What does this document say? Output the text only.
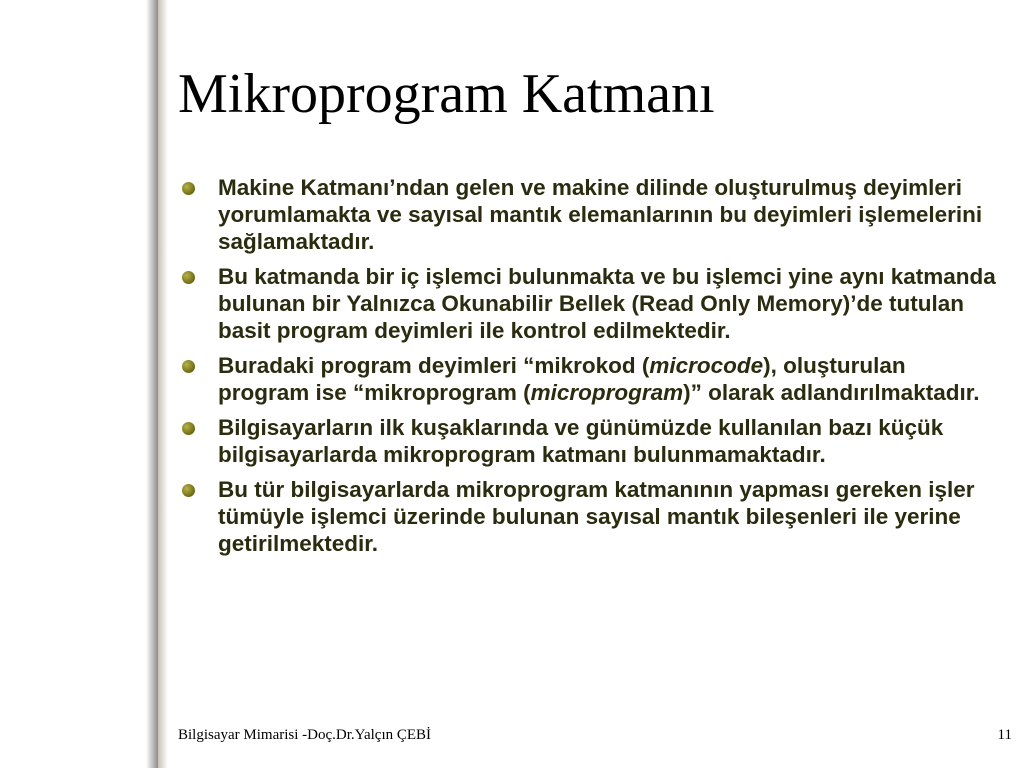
Mikroprogram Katmanı
Makine Katmanı’ndan gelen ve makine dilinde oluşturulmuş deyimleri yorumlamakta ve sayısal mantık elemanlarının bu deyimleri işlemelerini sağlamaktadır.
Bu katmanda bir iç işlemci bulunmakta ve bu işlemci yine aynı katmanda bulunan bir Yalnızca Okunabilir Bellek (Read Only Memory)’de tutulan basit program deyimleri ile kontrol edilmektedir.
Buradaki program deyimleri “mikrokod (microcode), oluşturulan program ise “mikroprogram (microprogram)” olarak adlandırılmaktadır.
Bilgisayarların ilk kuşaklarında ve günümüzde kullanılan bazı küçük bilgisayarlarda mikroprogram katmanı bulunmamaktadır.
Bu tür bilgisayarlarda mikroprogram katmanının yapması gereken işler tümüyle işlemci üzerinde bulunan sayısal mantık bileşenleri ile yerine getirilmektedir.
Bilgisayar Mimarisi -Doç.Dr.Yalçın ÇEBİ	11
